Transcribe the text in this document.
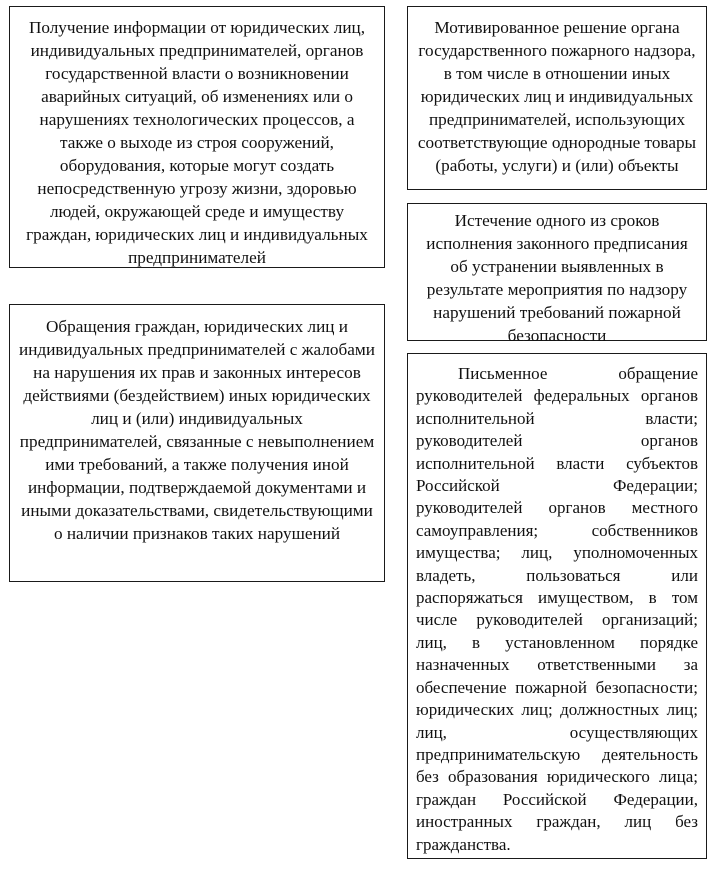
Получение информации от юридических лиц, индивидуальных предпринимателей, органов государственной власти о возникновении аварийных ситуаций, об изменениях или о нарушениях технологических процессов, а также о выходе из строя сооружений, оборудования, которые могут создать непосредственную угрозу жизни, здоровью людей, окружающей среде и имуществу граждан, юридических лиц и индивидуальных предпринимателей
Обращения граждан, юридических лиц и индивидуальных предпринимателей с жалобами на нарушения их прав и законных интересов действиями (бездействием) иных юридических лиц и (или) индивидуальных предпринимателей, связанные с невыполнением ими требований, а также получения иной информации, подтверждаемой документами и иными доказательствами, свидетельствующими о наличии признаков таких нарушений
Мотивированное решение органа государственного пожарного надзора, в том числе в отношении иных юридических лиц и индивидуальных предпринимателей, использующих соответствующие однородные товары (работы, услуги) и (или) объекты
Истечение одного из сроков исполнения законного предписания об устранении выявленных в результате мероприятия по надзору нарушений требований пожарной безопасности
Письменное обращение руководителей федеральных органов исполнительной власти; руководителей органов исполнительной власти субъектов Российской Федерации; руководителей органов местного самоуправления; собственников имущества; лиц, уполномоченных владеть, пользоваться или распоряжаться имуществом, в том числе руководителей организаций; лиц, в установленном порядке назначенных ответственными за обеспечение пожарной безопасности; юридических лиц; должностных лиц; лиц, осуществляющих предпринимательскую деятельность без образования юридического лица; граждан Российской Федерации, иностранных граждан, лиц без гражданства.
